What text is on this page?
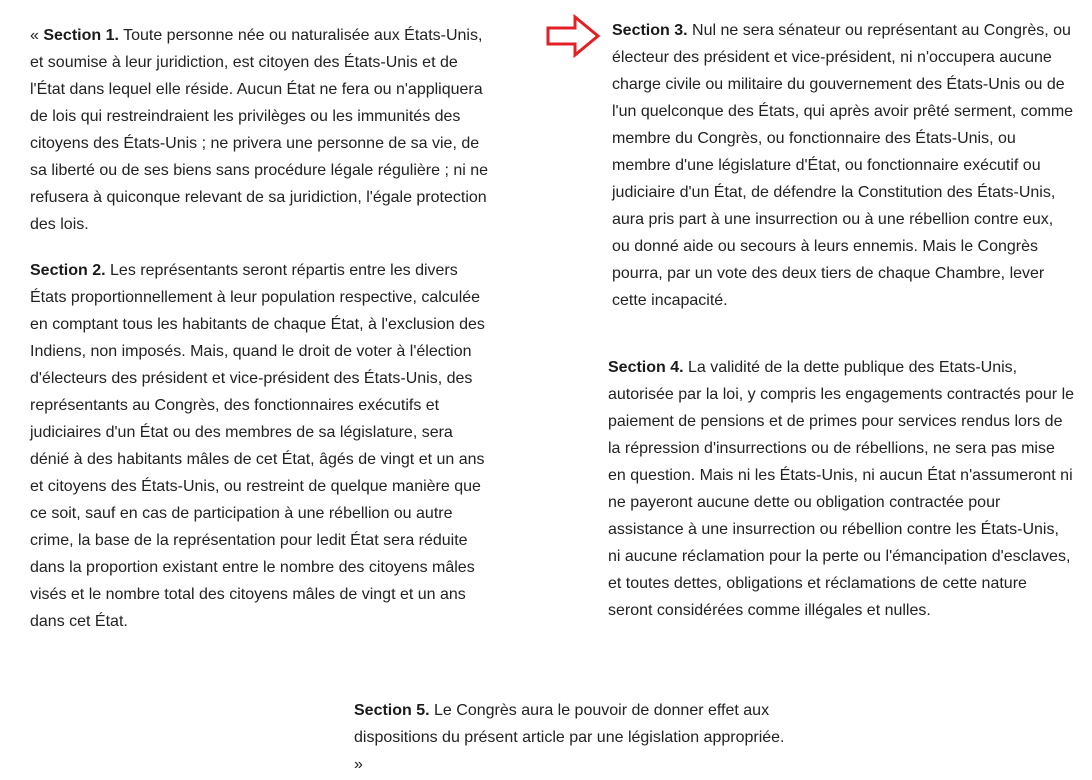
« Section 1. Toute personne née ou naturalisée aux États-Unis, et soumise à leur juridiction, est citoyen des États-Unis et de l'État dans lequel elle réside. Aucun État ne fera ou n'appliquera de lois qui restreindraient les privilèges ou les immunités des citoyens des États-Unis ; ne privera une personne de sa vie, de sa liberté ou de ses biens sans procédure légale régulière ; ni ne refusera à quiconque relevant de sa juridiction, l'égale protection des lois.

Section 2. Les représentants seront répartis entre les divers États proportionnellement à leur population respective, calculée en comptant tous les habitants de chaque État, à l'exclusion des Indiens, non imposés. Mais, quand le droit de voter à l'élection d'électeurs des président et vice-président des États-Unis, des représentants au Congrès, des fonctionnaires exécutifs et judiciaires d'un État ou des membres de sa législature, sera dénié à des habitants mâles de cet État, âgés de vingt et un ans et citoyens des États-Unis, ou restreint de quelque manière que ce soit, sauf en cas de participation à une rébellion ou autre crime, la base de la représentation pour ledit État sera réduite dans la proportion existant entre le nombre des citoyens mâles visés et le nombre total des citoyens mâles de vingt et un ans dans cet État.

Section 3. Nul ne sera sénateur ou représentant au Congrès, ou électeur des président et vice-président, ni n'occupera aucune charge civile ou militaire du gouvernement des États-Unis ou de l'un quelconque des États, qui après avoir prêté serment, comme membre du Congrès, ou fonctionnaire des États-Unis, ou membre d'une législature d'État, ou fonctionnaire exécutif ou judiciaire d'un État, de défendre la Constitution des États-Unis, aura pris part à une insurrection ou à une rébellion contre eux, ou donné aide ou secours à leurs ennemis. Mais le Congrès pourra, par un vote des deux tiers de chaque Chambre, lever cette incapacité.

Section 4. La validité de la dette publique des Etats-Unis, autorisée par la loi, y compris les engagements contractés pour le paiement de pensions et de primes pour services rendus lors de la répression d'insurrections ou de rébellions, ne sera pas mise en question. Mais ni les États-Unis, ni aucun État n'assumeront ni ne payeront aucune dette ou obligation contractée pour assistance à une insurrection ou rébellion contre les États-Unis, ni aucune réclamation pour la perte ou l'émancipation d'esclaves, et toutes dettes, obligations et réclamations de cette nature seront considérées comme illégales et nulles.

Section 5. Le Congrès aura le pouvoir de donner effet aux dispositions du présent article par une législation appropriée. »
